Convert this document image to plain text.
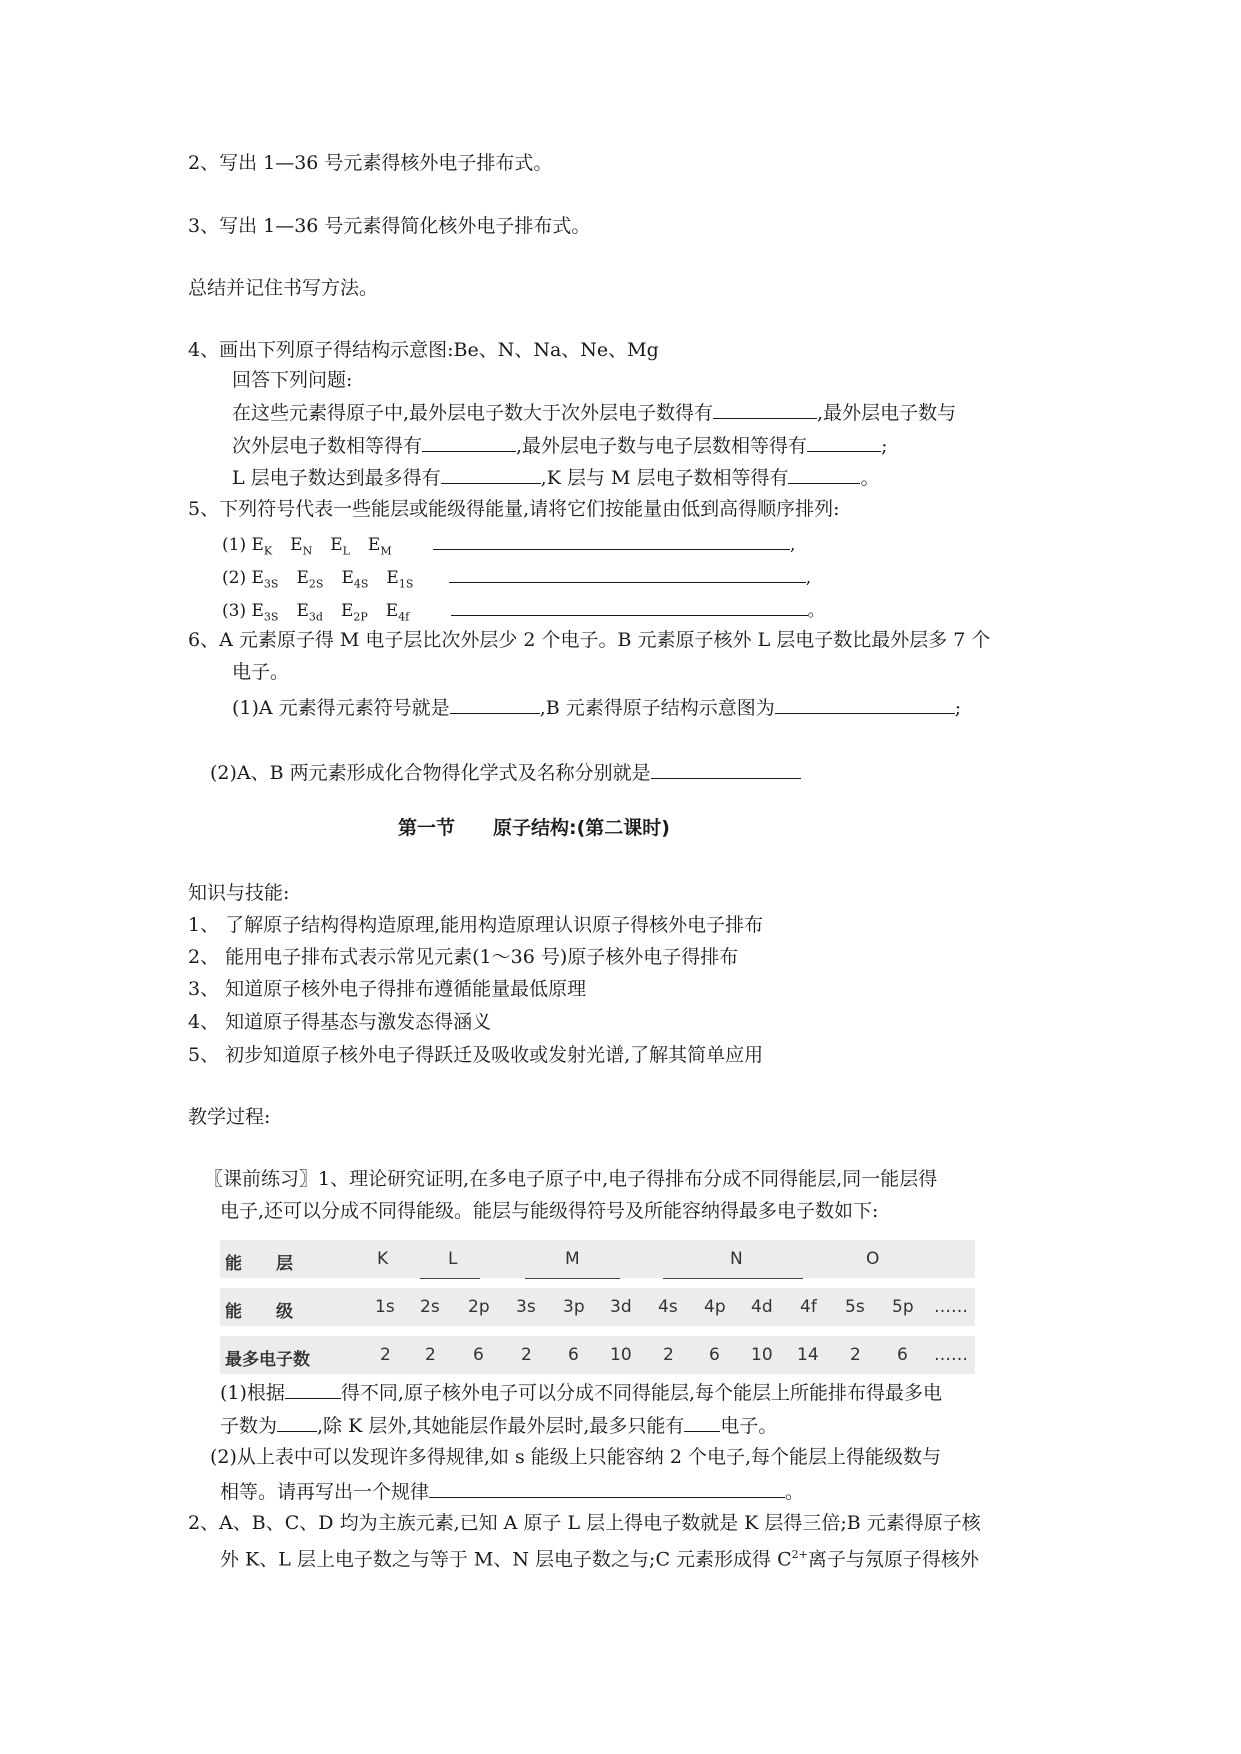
2、写出 1—36 号元素得核外电子排布式。
3、写出 1—36 号元素得简化核外电子排布式。
总结并记住书写方法。
4、画出下列原子得结构示意图:Be、N、Na、Ne、Mg
回答下列问题:
在这些元素得原子中,最外层电子数大于次外层电子数得有	,最外层电子数与
次外层电子数相等得有	,最外层电子数与电子层数相等得有	;
L 层电子数达到最多得有	,K 层与 M 层电子数相等得有	。
5、下列符号代表一些能层或能级得能量,请将它们按能量由低到高得顺序排列:
(1) $E_K$ $E_N$ $E_L$ $E_M$	,
(2) $E_{3S}$ $E_{2S}$ $E_{4S}$ $E_{1S}$	,
(3) $E_{3S}$ $E_{3d}$ $E_{2P}$ $E_{4f}$	。
6、A 元素原子得 M 电子层比次外层少 2 个电子。B 元素原子核外 L 层电子数比最外层多 7 个
电子。
(1)A 元素得元素符号就是	,B 元素得原子结构示意图为	;
(2)A、B 两元素形成化合物得化学式及名称分别就是
第一节　　原子结构:(第二课时)
知识与技能:
1、 了解原子结构得构造原理,能用构造原理认识原子得核外电子排布
2、 能用电子排布式表示常见元素(1～36 号)原子核外电子得排布
3、 知道原子核外电子得排布遵循能量最低原理
4、 知道原子得基态与激发态得涵义
5、 初步知道原子核外电子得跃迁及吸收或发射光谱,了解其简单应用
教学过程:
〖课前练习〗1、理论研究证明,在多电子原子中,电子得排布分成不同得能层,同一能层得
电子,还可以分成不同得能级。能层与能级得符号及所能容纳得最多电子数如下:
能　　层	K	L	M	N	O
能　　级	1s 2s 2p 3s 3p 3d 4s 4p 4d 4f 5s 5p ……
最多电子数	2 2 6 2 6 10 2 6 10 14 2 6 ……
(1)根据	得不同,原子核外电子可以分成不同得能层,每个能层上所能排布得最多电
子数为 ,除 K 层外,其她能层作最外层时,最多只能有 电子。
(2)从上表中可以发现许多得规律,如 s 能级上只能容纳 2 个电子,每个能层上得能级数与
相等。请再写出一个规律	。
2、A、B、C、D 均为主族元素,已知 A 原子 L 层上得电子数就是 K 层得三倍;B 元素得原子核
外 K、L 层上电子数之与等于 M、N 层电子数之与;C 元素形成得 $C^{2+}$离子与氖原子得核外
